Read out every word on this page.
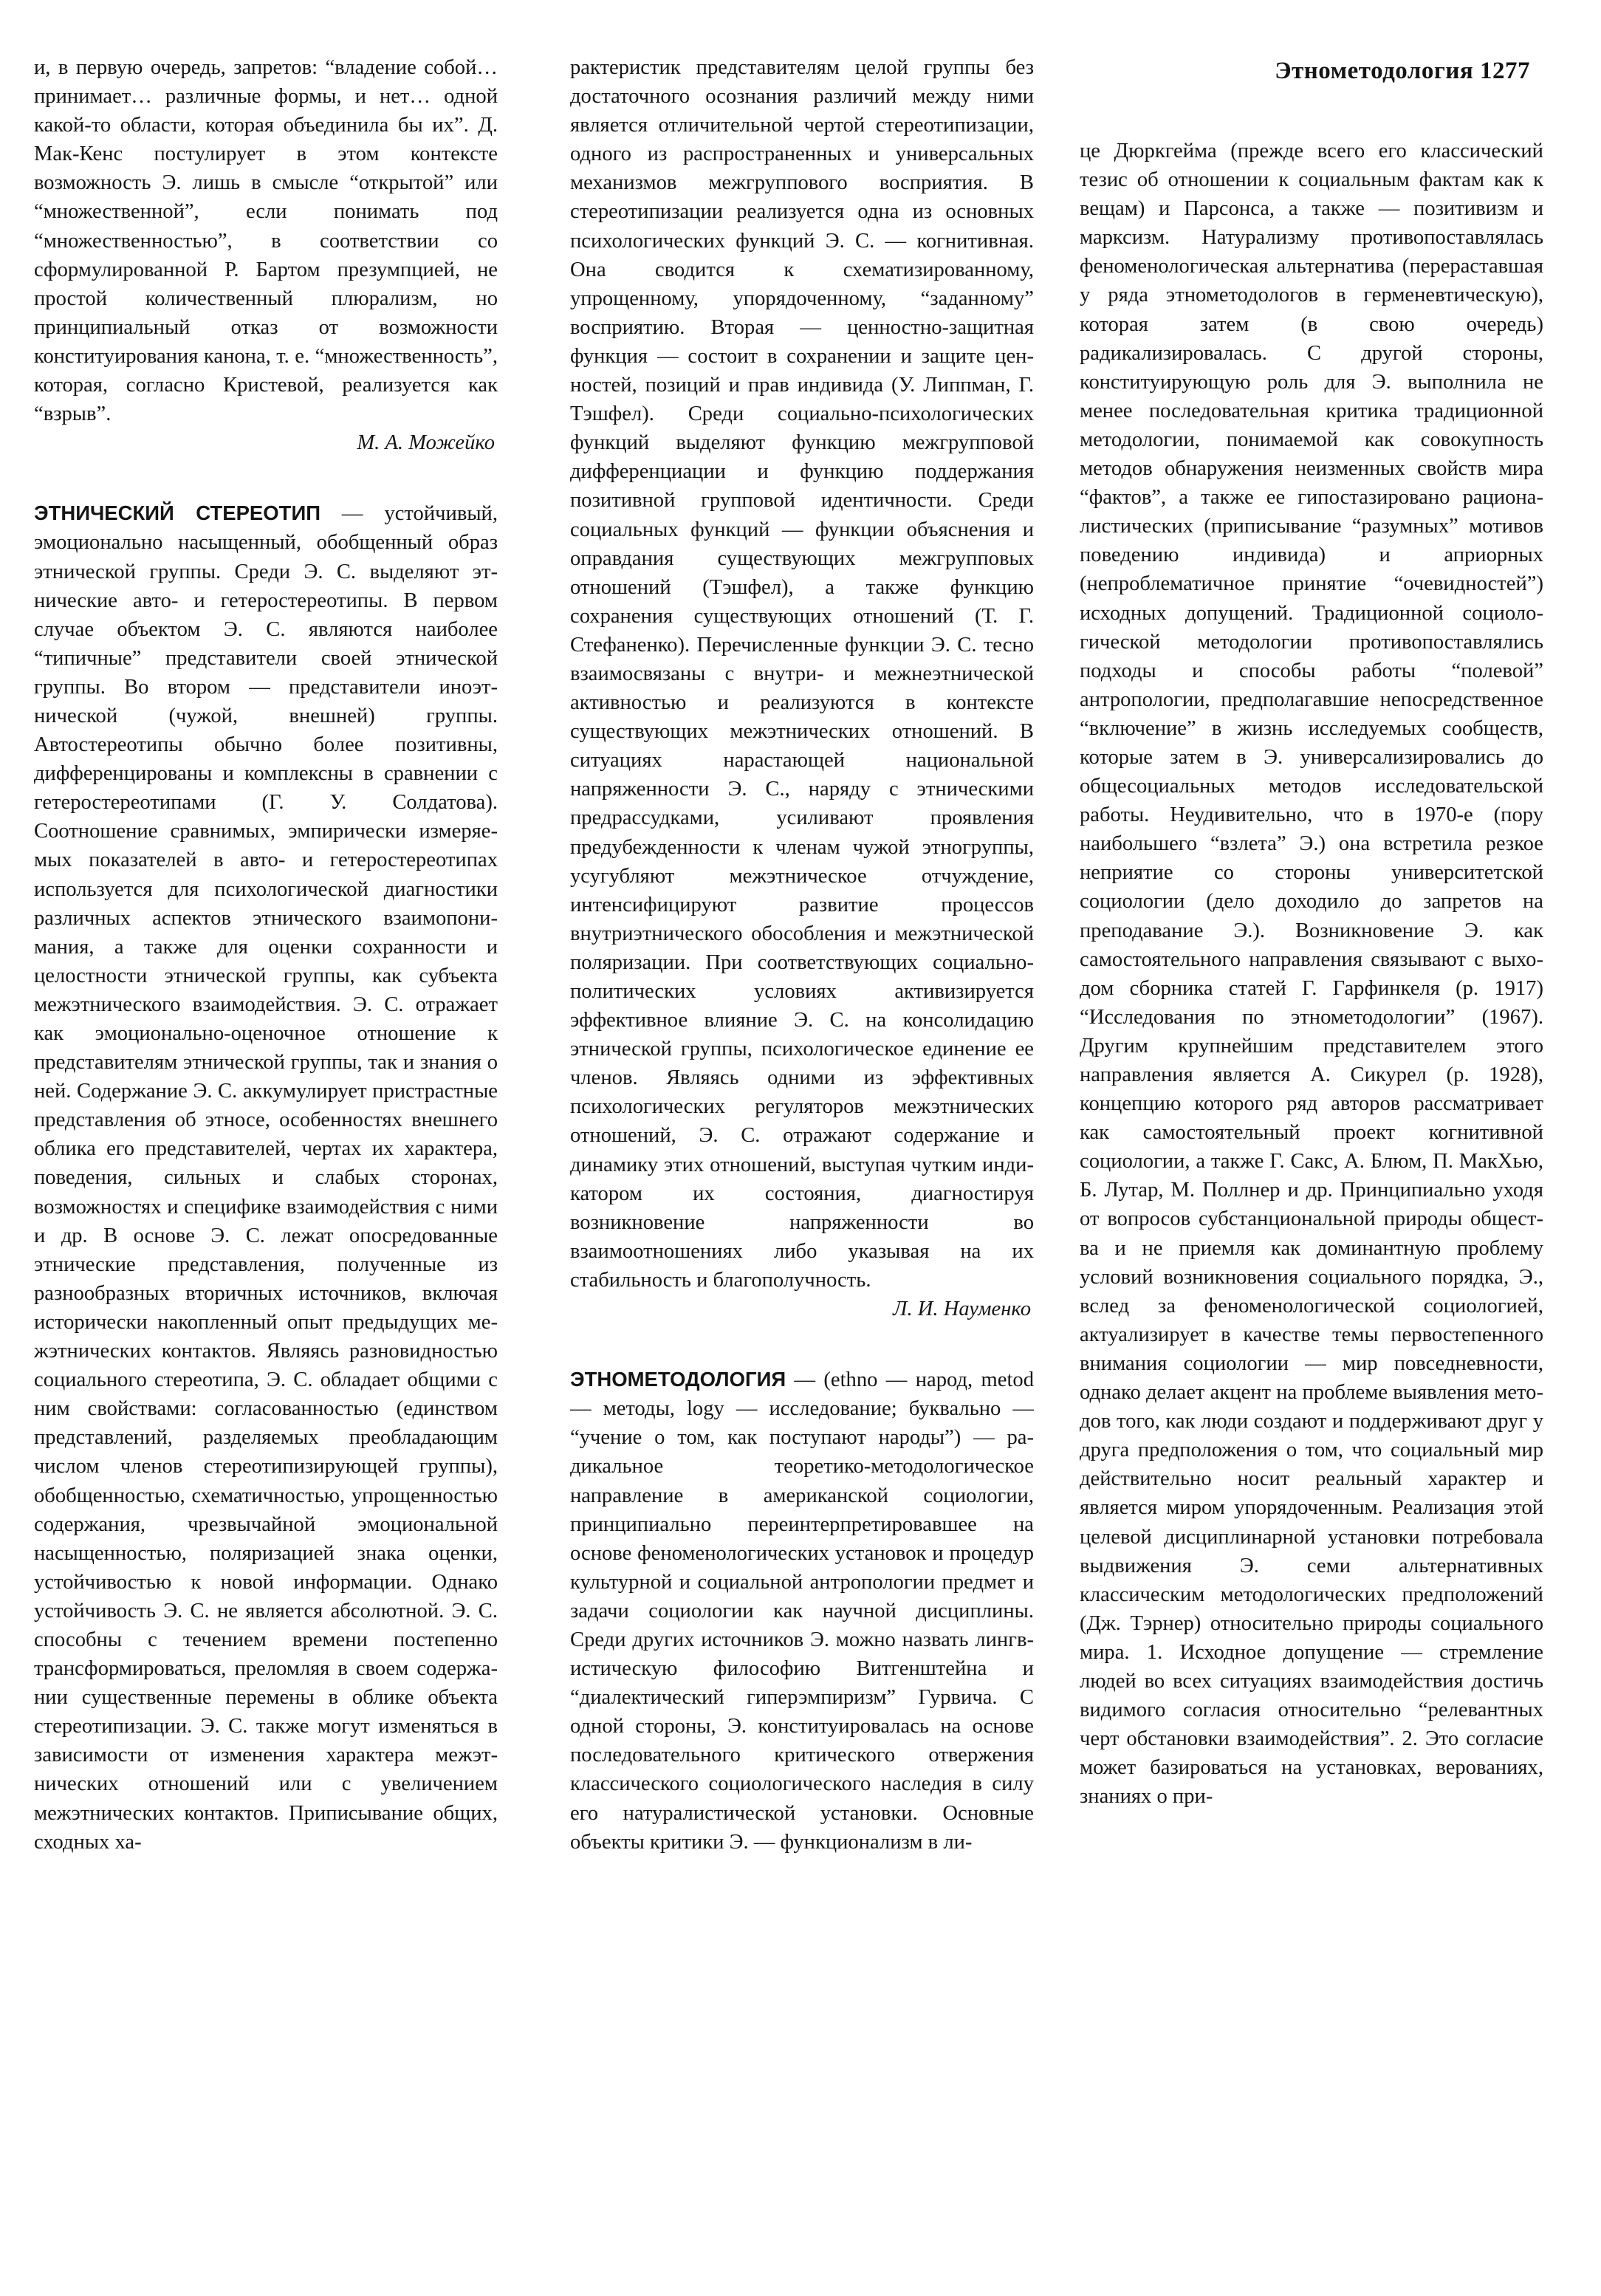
Этнометодология 1277

и, в первую очередь, запретов: “владение собой… принимает… различные формы, и нет… одной какой-то области, которая объединила бы их”. Д. Мак-Кенс постулирует в этом контексте возможность Э. лишь в смысле “открытой” или “множественной”, если понимать под “множественностью”, в соответствии со сформулированной Р. Бартом презумпцией, не простой количественный плюрализм, но принципиальный отказ от возможности конституирования канона, т. е. “множественность”, которая, согласно Кристевой, реализуется как “взрыв”.

М. А. Можейко

ЭТНИЧЕСКИЙ СТЕРЕОТИП — устойчивый, эмоционально насыщенный, обобщенный образ этнической группы. Среди Э. С. выделяют этнические авто- и гетеростереотипы. В первом случае объектом Э. С. являются наиболее “типичные” представители своей этнической группы. Во втором — представители иноэтнической (чужой, внешней) группы. Автостереотипы обычно более позитивны, дифференцированы и комплексны в сравнении с гетеростереотипами (Г. У. Солдатова). Соотношение сравнимых, эмпирически измеряемых показателей в авто- и гетеростереотипах используется для психологической диагностики различных аспектов этнического взаимопонимания, а также для оценки сохранности и целостности этнической группы, как субъекта межэтнического взаимодействия. Э. С. отражает как эмоционально-оценочное отношение к представителям этнической группы, так и знания о ней. Содержание Э. С. аккумулирует пристрастные представления об этносе, особенностях внешнего облика его представителей, чертах их характера, поведения, сильных и слабых сторонах, возможностях и специфике взаимодействия с ними и др. В основе Э. С. лежат опосредованные этнические представления, полученные из разнообразных вторичных источников, включая исторически накопленный опыт предыдущих межэтнических контактов. Являясь разновидностью социального стереотипа, Э. С. обладает общими с ним свойствами: согласованностью (единством представлений, разделяемых преобладающим числом членов стереотипизирующей группы), обобщенностью, схематичностью, упрощенностью содержания, чрезвычайной эмоциональной насыщенностью, поляризацией знака оценки, устойчивостью к новой информации. Однако устойчивость Э. С. не является абсолютной. Э. С. способны с течением времени постепенно трансформироваться, преломляя в своем содержании существенные перемены в облике объекта стереотипизации. Э. С. также могут изменяться в зависимости от изменения характера межэтнических отношений или с увеличением межэтнических контактов. Приписывание общих, сходных ха-

рактеристик представителям целой группы без достаточного осознания различий между ними является отличительной чертой стереотипизации, одного из распространенных и универсальных механизмов межгруппового восприятия. В стереотипизации реализуется одна из основных психологических функций Э. С. — когнитивная. Она сводится к схематизированному, упрощенному, упорядоченному, “заданному” восприятию. Вторая — ценностно-защитная функция — состоит в сохранении и защите ценностей, позиций и прав индивида (У. Липпман, Г. Тэшфел). Среди социально-психологических функций выделяют функцию межгрупповой дифференциации и функцию поддержания позитивной групповой идентичности. Среди социальных функций — функции объяснения и оправдания существующих межгрупповых отношений (Тэшфел), а также функцию сохранения существующих отношений (Т. Г. Стефаненко). Перечисленные функции Э. С. тесно взаимосвязаны с внутри- и межнеэтнической активностью и реализуются в контексте существующих межэтнических отношений. В ситуациях нарастающей национальной напряженности Э. С., наряду с этническими предрассудками, усиливают проявления предубежденности к членам чужой этногруппы, усугубляют межэтническое отчуждение, интенсифицируют развитие процессов внутриэтнического обособления и межэтнической поляризации. При соответствующих социально-политических условиях активизируется эффективное влияние Э. С. на консолидацию этнической группы, психологическое единение ее членов. Являясь одними из эффективных психологических регуляторов межэтнических отношений, Э. С. отражают содержание и динамику этих отношений, выступая чутким индикатором их состояния, диагностируя возникновение напряженности во взаимоотношениях либо указывая на их стабильность и благополучность.

Л. И. Науменко

ЭТНОМЕТОДОЛОГИЯ — (ethno — народ, metod — методы, logy — исследование; буквально — “учение о том, как поступают народы”) — радикальное теоретико-методологическое направление в американской социологии, принципиально переинтерпретировавшее на основе феноменологических установок и процедур культурной и социальной антропологии предмет и задачи социологии как научной дисциплины. Среди других источников Э. можно назвать лингвистическую философию Витгенштейна и “диалектический гиперэмпиризм” Гурвича. С одной стороны, Э. конституировалась на основе последовательного критического отвержения классического социологического наследия в силу его натуралистической установки. Основные объекты критики Э. — функционализм в ли-

це Дюркгейма (прежде всего его классический тезис об отношении к социальным фактам как к вещам) и Парсонса, а также — позитивизм и марксизм. Натурализму противопоставлялась феноменологическая альтернатива (перераставшая у ряда этнометодологов в герменевтическую), которая затем (в свою очередь) радикализировалась. С другой стороны, конституирующую роль для Э. выполнила не менее последовательная критика традиционной методологии, понимаемой как совокупность методов обнаружения неизменных свойств мира “фактов”, а также ее гипостазировано рационалистических (приписывание “разумных” мотивов поведению индивида) и априорных (непроблематичное принятие “очевидностей”) исходных допущений. Традиционной социологической методологии противопоставлялись подходы и способы работы “полевой” антропологии, предполагавшие непосредственное “включение” в жизнь исследуемых сообществ, которые затем в Э. универсализировались до общесоциальных методов исследовательской работы. Неудивительно, что в 1970-е (пору наибольшего “взлета” Э.) она встретила резкое неприятие со стороны университетской социологии (дело доходило до запретов на преподавание Э.). Возникновение Э. как самостоятельного направления связывают с выходом сборника статей Г. Гарфинкеля (р. 1917) “Исследования по этнометодологии” (1967). Другим крупнейшим представителем этого направления является А. Сикурел (р. 1928), концепцию которого ряд авторов рассматривает как самостоятельный проект когнитивной социологии, а также Г. Сакс, А. Блюм, П. МакХью, Б. Лутар, М. Поллнер и др. Принципиально уходя от вопросов субстанциональной природы общества и не приемля как доминантную проблему условий возникновения социального порядка, Э., вслед за феноменологической социологией, актуализирует в качестве темы первостепенного внимания социологии — мир повседневности, однако делает акцент на проблеме выявления методов того, как люди создают и поддерживают друг у друга предположения о том, что социальный мир действительно носит реальный характер и является миром упорядоченным. Реализация этой целевой дисциплинарной установки потребовала выдвижения Э. семи альтернативных классическим методологических предположений (Дж. Тэрнер) относительно природы социального мира. 1. Исходное допущение — стремление людей во всех ситуациях взаимодействия достичь видимого согласия относительно “релевантных черт обстановки взаимодействия”. 2. Это согласие может базироваться на установках, верованиях, знаниях о при-
